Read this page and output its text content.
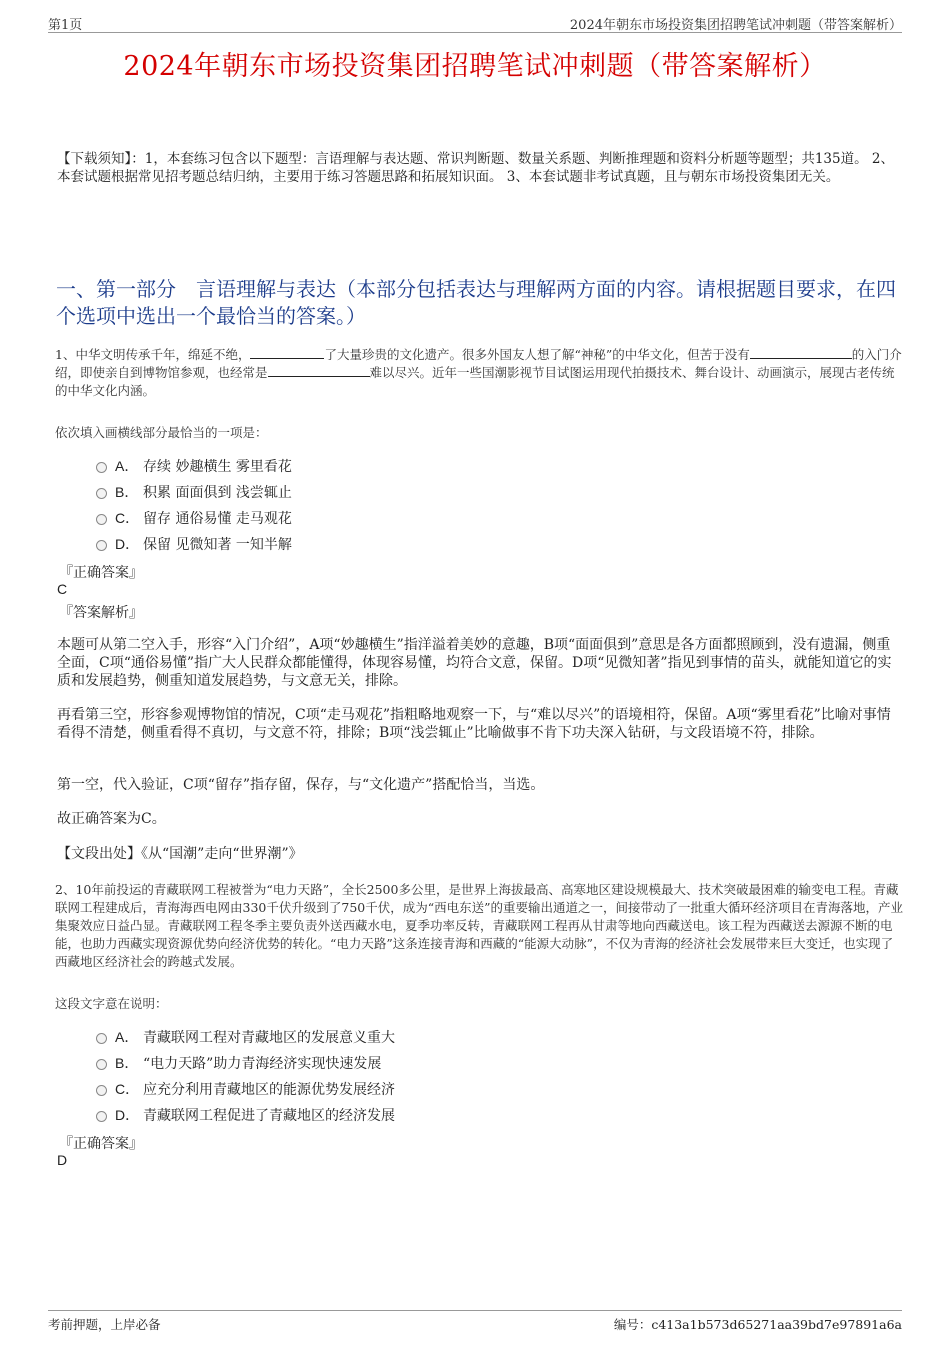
第1页	2024年朝东市场投资集团招聘笔试冲刺题（带答案解析）
2024年朝东市场投资集团招聘笔试冲刺题（带答案解析）
【下载须知】：1，本套练习包含以下题型：言语理解与表达题、常识判断题、数量关系题、判断推理题和资料分析题等题型；共135道。 2、本套试题根据常见招考题总结归纳，主要用于练习答题思路和拓展知识面。 3、本套试题非考试真题，且与朝东市场投资集团无关。
一、第一部分　言语理解与表达（本部分包括表达与理解两方面的内容。请根据题目要求，在四个选项中选出一个最恰当的答案。）
1、中华文明传承千年，绵延不绝，	了大量珍贵的文化遗产。很多外国友人想了解“神秘”的中华文化，但苦于没有	的入门介绍，即使亲自到博物馆参观，也经常是	难以尽兴。近年一些国潮影视节目试图运用现代拍摄技术、舞台设计、动画演示，展现古老传统的中华文化内涵。
依次填入画横线部分最恰当的一项是：
A． 存续 妙趣横生 雾里看花
B． 积累 面面俱到 浅尝辄止
C． 留存 通俗易懂 走马观花
D． 保留 见微知著 一知半解
『正确答案』
C
『答案解析』
本题可从第二空入手，形容“入门介绍”，A项“妙趣横生”指洋溢着美妙的意趣，B项“面面俱到”意思是各方面都照顾到，没有遗漏，侧重全面，C项“通俗易懂”指广大人民群众都能懂得，体现容易懂，均符合文意，保留。D项“见微知著”指见到事情的苗头，就能知道它的实质和发展趋势，侧重知道发展趋势，与文意无关，排除。
再看第三空，形容参观博物馆的情况，C项“走马观花”指粗略地观察一下，与“难以尽兴”的语境相符，保留。A项“雾里看花”比喻对事情看得不清楚，侧重看得不真切，与文意不符，排除；B项“浅尝辄止”比喻做事不肯下功夫深入钻研，与文段语境不符，排除。
第一空，代入验证，C项“留存”指存留，保存，与“文化遗产”搭配恰当，当选。
故正确答案为C。
【文段出处】《从“国潮”走向“世界潮”》
2、10年前投运的青藏联网工程被誉为“电力天路”，全长2500多公里，是世界上海拔最高、高寒地区建设规模最大、技术突破最困难的输变电工程。青藏联网工程建成后，青海海西电网由330千伏升级到了750千伏，成为“西电东送”的重要输出通道之一，间接带动了一批重大循环经济项目在青海落地，产业集聚效应日益凸显。青藏联网工程冬季主要负责外送西藏水电，夏季功率反转，青藏联网工程再从甘肃等地向西藏送电。该工程为西藏送去源源不断的电能，也助力西藏实现资源优势向经济优势的转化。“电力天路”这条连接青海和西藏的“能源大动脉”，不仅为青海的经济社会发展带来巨大变迁，也实现了西藏地区经济社会的跨越式发展。
这段文字意在说明：
A． 青藏联网工程对青藏地区的发展意义重大
B． “电力天路”助力青海经济实现快速发展
C． 应充分利用青藏地区的能源优势发展经济
D． 青藏联网工程促进了青藏地区的经济发展
『正确答案』
D
考前押题，上岸必备	编号：c413a1b573d65271aa39bd7e97891a6a
